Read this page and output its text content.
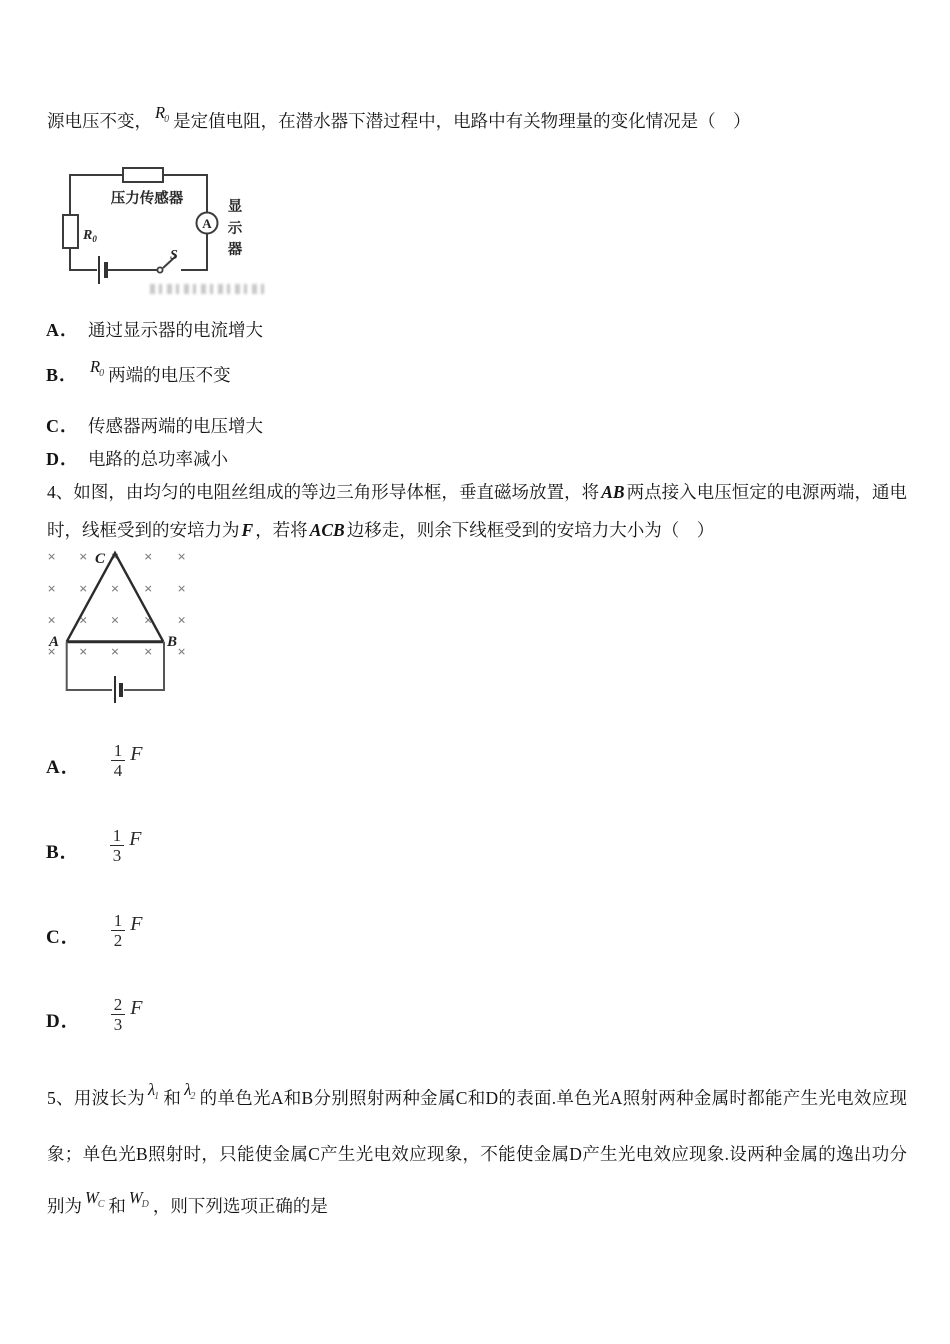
源电压不变， $R_0$ 是定值电阻，在潜水器下潜过程中，电路中有关物理量的变化情况是（　）
A
压力传感器
$R_0$
S
显
示
器
A． 通过显示器的电流增大
B． $R_0$ 两端的电压不变
C． 传感器两端的电压增大
D． 电路的总功率减小
4、如图，由均匀的电阻丝组成的等边三角形导体框，垂直磁场放置，将 AB 两点接入电压恒定的电源两端，通电时，线框受到的安培力为 F ，若将 ACB 边移走，则余下线框受到的安培力大小为（　）
× × × × ×
× × × × ×
× × × × ×
× × × × ×
A	B
C
A． $\frac{1}{4}$ F
B． $\frac{1}{3}$ F
C． $\frac{1}{2}$ F
D． $\frac{2}{3}$ F
5、用波长为 $\lambda_1$ 和 $\lambda_2$ 的单色光A和B分别照射两种金属C和D的表面.单色光A照射两种金属时都能产生光电效应现象；单色光B照射时，只能使金属C产生光电效应现象，不能使金属D产生光电效应现象.设两种金属的逸出功分别为 $W_C$ 和 $W_D$ ，则下列选项正确的是
